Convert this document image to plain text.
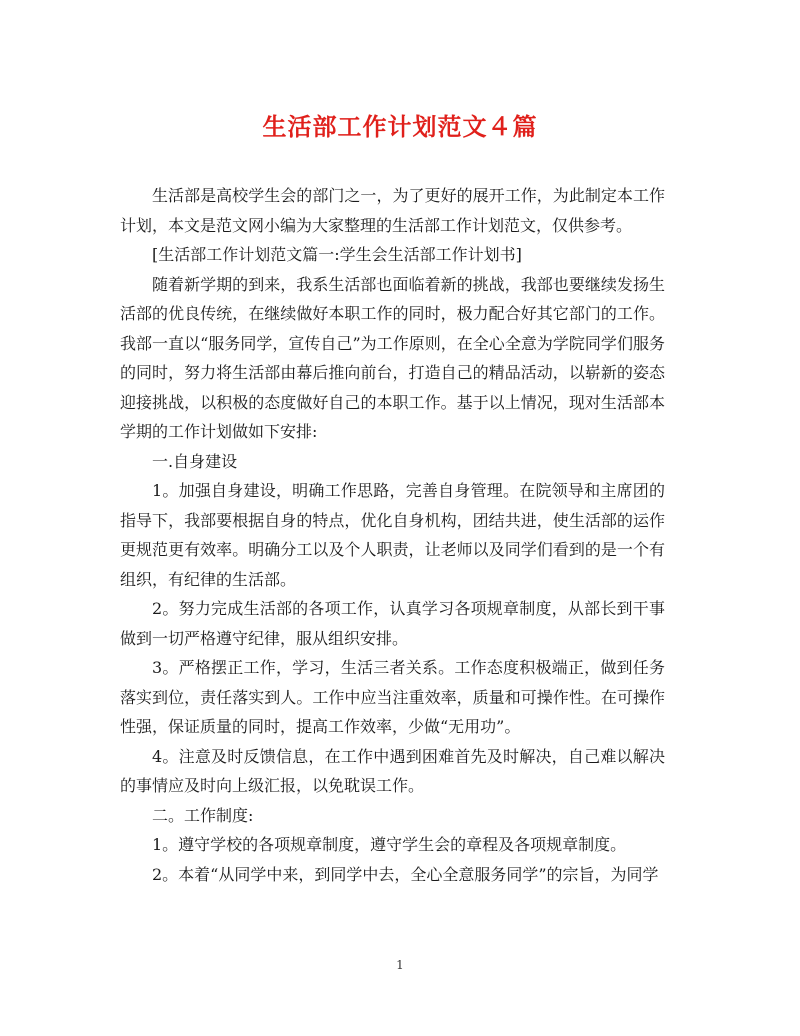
生活部工作计划范文４篇

生活部是高校学生会的部门之一，为了更好的展开工作，为此制定本工作计划，本文是范文网小编为大家整理的生活部工作计划范文，仅供参考。

[生活部工作计划范文篇一:学生会生活部工作计划书]

随着新学期的到来，我系生活部也面临着新的挑战，我部也要继续发扬生活部的优良传统，在继续做好本职工作的同时，极力配合好其它部门的工作。我部一直以“服务同学，宣传自己”为工作原则，在全心全意为学院同学们服务的同时，努力将生活部由幕后推向前台，打造自己的精品活动，以崭新的姿态迎接挑战，以积极的态度做好自己的本职工作。基于以上情况，现对生活部本学期的工作计划做如下安排:

一.自身建设

1。加强自身建设，明确工作思路，完善自身管理。在院领导和主席团的指导下，我部要根据自身的特点，优化自身机构，团结共进，使生活部的运作更规范更有效率。明确分工以及个人职责，让老师以及同学们看到的是一个有组织，有纪律的生活部。

2。努力完成生活部的各项工作，认真学习各项规章制度，从部长到干事做到一切严格遵守纪律，服从组织安排。

3。严格摆正工作，学习，生活三者关系。工作态度积极端正，做到任务落实到位，责任落实到人。工作中应当注重效率，质量和可操作性。在可操作性强，保证质量的同时，提高工作效率，少做“无用功”。

4。注意及时反馈信息，在工作中遇到困难首先及时解决，自己难以解决的事情应及时向上级汇报，以免耽误工作。

二。工作制度:

1。遵守学校的各项规章制度，遵守学生会的章程及各项规章制度。

2。本着“从同学中来，到同学中去，全心全意服务同学”的宗旨，为同学

1
